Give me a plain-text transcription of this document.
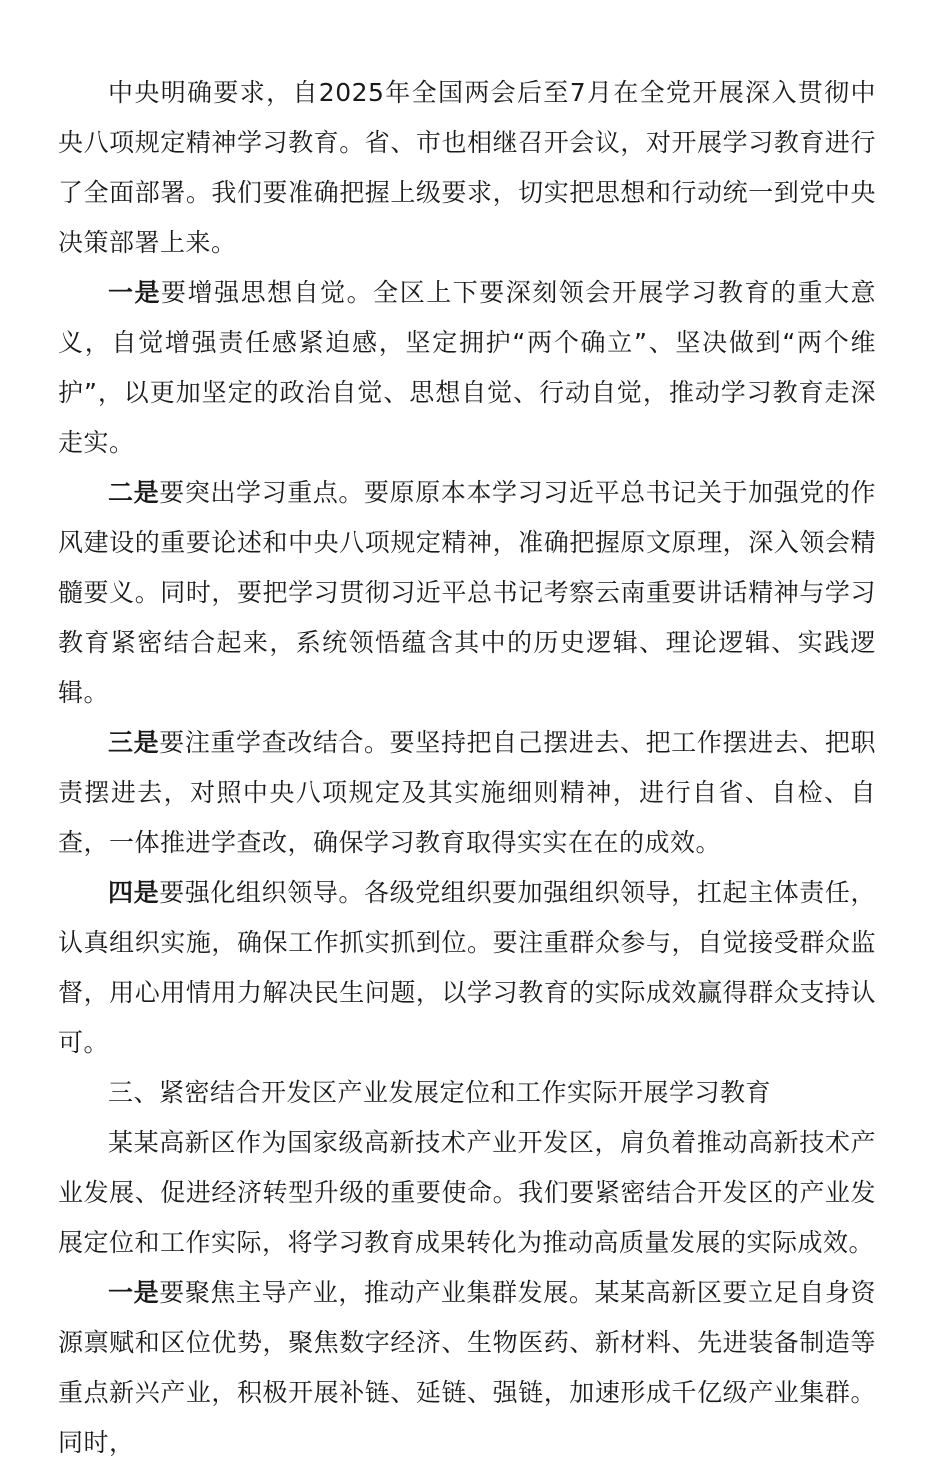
中央明确要求，自2025年全国两会后至7月在全党开展深入贯彻中央八项规定精神学习教育。省、市也相继召开会议，对开展学习教育进行了全面部署。我们要准确把握上级要求，切实把思想和行动统一到党中央决策部署上来。

一是要增强思想自觉。全区上下要深刻领会开展学习教育的重大意义，自觉增强责任感紧迫感，坚定拥护“两个确立”、坚决做到“两个维护”，以更加坚定的政治自觉、思想自觉、行动自觉，推动学习教育走深走实。

二是要突出学习重点。要原原本本学习习近平总书记关于加强党的作风建设的重要论述和中央八项规定精神，准确把握原文原理，深入领会精髓要义。同时，要把学习贯彻习近平总书记考察云南重要讲话精神与学习教育紧密结合起来，系统领悟蕴含其中的历史逻辑、理论逻辑、实践逻辑。

三是要注重学查改结合。要坚持把自己摆进去、把工作摆进去、把职责摆进去，对照中央八项规定及其实施细则精神，进行自省、自检、自查，一体推进学查改，确保学习教育取得实实在在的成效。

四是要强化组织领导。各级党组织要加强组织领导，扛起主体责任，认真组织实施，确保工作抓实抓到位。要注重群众参与，自觉接受群众监督，用心用情用力解决民生问题，以学习教育的实际成效赢得群众支持认可。

三、紧密结合开发区产业发展定位和工作实际开展学习教育

某某高新区作为国家级高新技术产业开发区，肩负着推动高新技术产业发展、促进经济转型升级的重要使命。我们要紧密结合开发区的产业发展定位和工作实际，将学习教育成果转化为推动高质量发展的实际成效。

一是要聚焦主导产业，推动产业集群发展。某某高新区要立足自身资源禀赋和区位优势，聚焦数字经济、生物医药、新材料、先进装备制造等重点新兴产业，积极开展补链、延链、强链，加速形成千亿级产业集群。同时，
